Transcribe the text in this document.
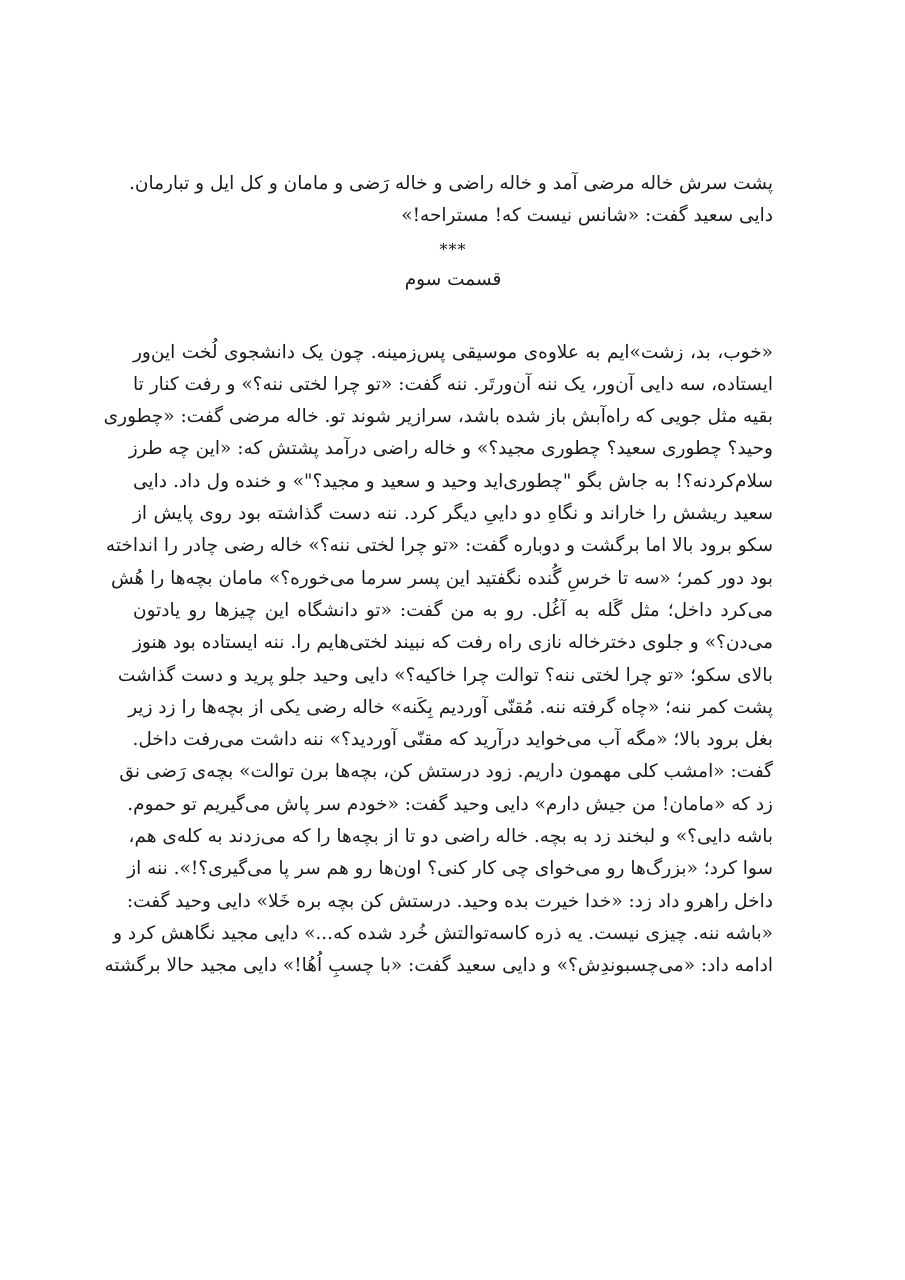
پشت سرش خاله مرضی آمد و خاله راضی و خاله رَضی و مامان و کل ایل و تبارمان.
دایی سعید گفت: «شانس نیست که! مستراحه!»
***
قسمت سوم
«خوب، بد، زشت»ایم به علاوه‌ی موسیقی پس‌زمینه. چون یک دانشجوی لُخت این‌ور
ایستاده، سه دایی آن‌ور، یک ننه آن‌ورتَر. ننه گفت: «تو چرا لختی ننه؟» و رفت کنار تا
بقیه مثل جویی که راه‌آبش باز شده باشد، سرازیر شوند تو. خاله مرضی گفت: «چطوری
وحید؟ چطوری سعید؟ چطوری مجید؟» و خاله راضی درآمد پشتش که: «این چه طرز
سلام‌کردنه؟! به جاش بگو "چطوری‌اید وحید و سعید و مجید؟"» و خنده ول داد. دایی
سعید ریشش را خاراند و نگاهِ دو داییِ دیگر کرد. ننه دست گذاشته بود روی پایش از
سکو برود بالا اما برگشت و دوباره گفت: «تو چرا لختی ننه؟» خاله رضی چادر را انداخته
بود دور کمر؛ «سه تا خرسِ گُنده نگفتید این پسر سرما می‌خوره؟» مامان بچه‌ها را هُش
می‌کرد داخل؛ مثل گَله به آغُل. رو به من گفت: «تو دانشگاه این چیزها رو یادتون
می‌دن؟» و جلوی دخترخاله نازی راه رفت که نبیند لختی‌هایم را. ننه ایستاده بود هنوز
بالای سکو؛ «تو چرا لختی ننه؟ توالت چرا خاکیه؟» دایی وحید جلو پرید و دست گذاشت
پشت کمر ننه؛ «چاه گرفته ننه. مُقنّی آوردیم بِکَنه» خاله رضی یکی از بچه‌ها را زد زیر
بغل برود بالا؛ «مگه آب می‌خواید درآرید که مقنّی آوردید؟» ننه داشت می‌رفت داخل.
گفت: «امشب کلی مهمون داریم. زود درستش کن، بچه‌ها برن توالت» بچه‌ی رَضی نق
زد که «مامان! من جیش دارم» دایی وحید گفت: «خودم سر پاش می‌گیریم تو حموم.
باشه دایی؟» و لبخند زد به بچه. خاله راضی دو تا از بچه‌ها را که می‌زدند به کله‌ی هم،
سوا کرد؛ «بزرگ‌ها رو می‌خوای چی کار کنی؟ اون‌ها رو هم سر پا می‌گیری؟!». ننه از
داخل راهرو داد زد: «خدا خیرت بده وحید. درستش کن بچه بره خَلا» دایی وحید گفت:
«باشه ننه. چیزی نیست. یه ذره کاسه‌توالتش خُرد شده که...» دایی مجید نگاهش کرد و
ادامه داد: «می‌چسبوندِش؟» و دایی سعید گفت: «با چسبِ اُهُا!» دایی مجید حالا برگشته
